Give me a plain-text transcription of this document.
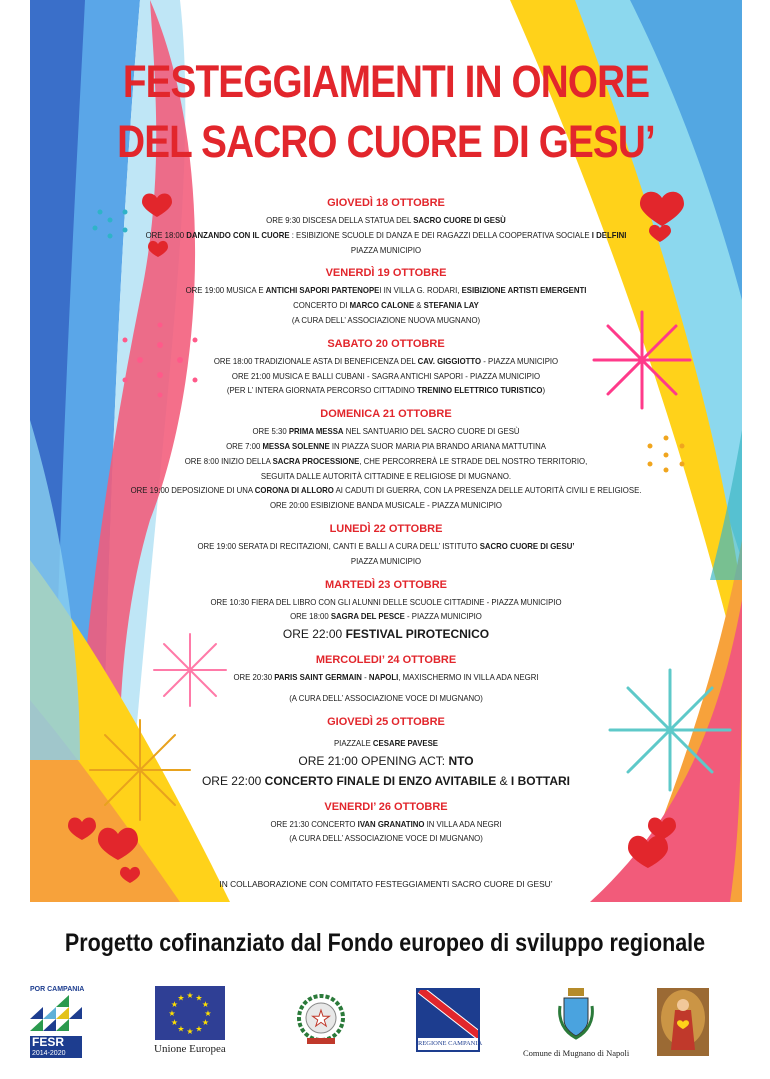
FESTEGGIAMENTI IN ONORE
DEL SACRO CUORE DI GESU’
GIOVEDÌ 18 OTTOBRE
ORE 9:30 DISCESA DELLA STATUA DEL SACRO CUORE DI GESÙ
ORE 18:00 DANZANDO CON IL CUORE : ESIBIZIONE SCUOLE DI DANZA E DEI RAGAZZI DELLA COOPERATIVA SOCIALE I DELFINI
PIAZZA MUNICIPIO
VENERDÌ 19 OTTOBRE
ORE 19:00 MUSICA E ANTICHI SAPORI PARTENOPEI IN VILLA G. RODARI, ESIBIZIONE ARTISTI EMERGENTI
CONCERTO DI MARCO CALONE & STEFANIA LAY
(A CURA DELL’ ASSOCIAZIONE NUOVA MUGNANO)
SABATO 20 OTTOBRE
ORE 18:00 TRADIZIONALE ASTA DI BENEFICENZA DEL CAV. GIGGIOTTO - PIAZZA MUNICIPIO
ORE 21:00 MUSICA E BALLI CUBANI - SAGRA ANTICHI SAPORI - PIAZZA MUNICIPIO
(PER L’ INTERA GIORNATA PERCORSO CITTADINO TRENINO ELETTRICO TURISTICO)
DOMENICA 21 OTTOBRE
ORE 5:30 PRIMA MESSA NEL SANTUARIO DEL SACRO CUORE DI GESÙ
ORE 7:00 MESSA SOLENNE IN PIAZZA SUOR MARIA PIA BRANDO ARIANA MATTUTINA
ORE 8:00 INIZIO DELLA SACRA PROCESSIONE, CHE PERCORRERÀ LE STRADE DEL NOSTRO TERRITORIO,
SEGUITA DALLE AUTORITÀ CITTADINE E RELIGIOSE DI MUGNANO.
ORE 19:00 DEPOSIZIONE DI UNA CORONA DI ALLORO AI CADUTI DI GUERRA, CON LA PRESENZA DELLE AUTORITÀ CIVILI E RELIGIOSE.
ORE 20:00 ESIBIZIONE BANDA MUSICALE - PIAZZA MUNICIPIO
LUNEDÌ 22 OTTOBRE
ORE 19:00 SERATA DI RECITAZIONI, CANTI E BALLI A CURA DELL’ ISTITUTO SACRO CUORE DI GESU’
PIAZZA MUNICIPIO
MARTEDÌ 23 OTTOBRE
ORE 10:30 FIERA DEL LIBRO CON GLI ALUNNI DELLE SCUOLE CITTADINE - PIAZZA MUNICIPIO
ORE 18:00 SAGRA DEL PESCE - PIAZZA MUNICIPIO
ORE 22:00 FESTIVAL PIROTECNICO
MERCOLEDI’ 24 OTTOBRE
ORE 20:30 PARIS SAINT GERMAIN - NAPOLI, MAXISCHERMO IN VILLA ADA NEGRI
(A CURA DELL’ ASSOCIAZIONE VOCE DI MUGNANO)
GIOVEDÌ 25 OTTOBRE
PIAZZALE CESARE PAVESE
ORE 21:00 OPENING ACT: NTO
ORE 22:00 CONCERTO FINALE DI ENZO AVITABILE & I BOTTARI
VENERDI’ 26 OTTOBRE
ORE 21:30 CONCERTO IVAN GRANATINO IN VILLA ADA NEGRI
(A CURA DELL’ ASSOCIAZIONE VOCE DI MUGNANO)
IN COLLABORAZIONE CON COMITATO FESTEGGIAMENTI SACRO CUORE DI GESU’
Progetto cofinanziato dal Fondo europeo di sviluppo regionale
POR CAMPANIA
FESR
2014-2020
★ ★
★
★
★
★
★
★
★
★
★
★
Unione Europea
★
REGIONE CAMPANIA
Comune di Mugnano di Napoli
